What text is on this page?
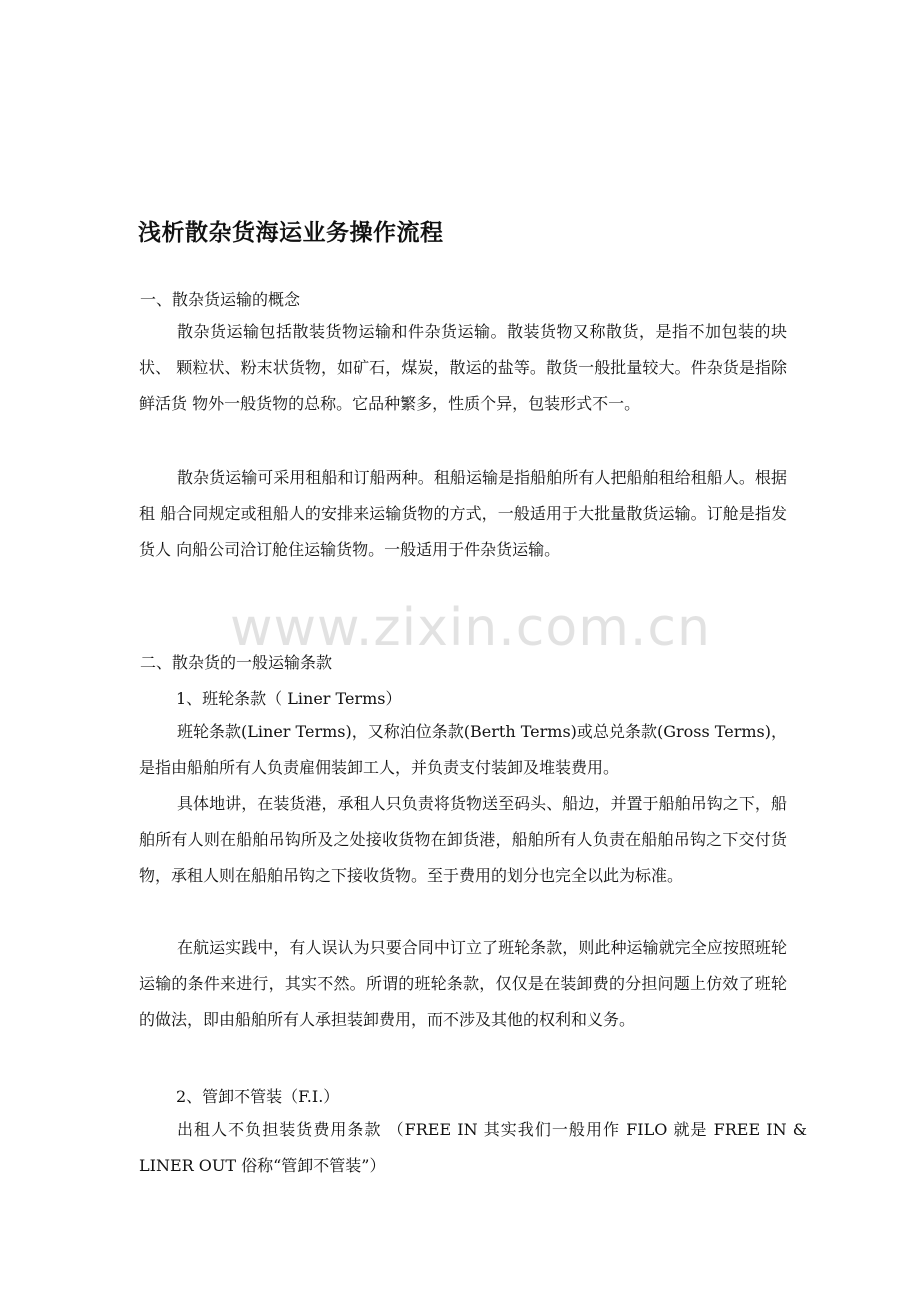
www.zixin.com.cn
浅析散杂货海运业务操作流程
一、散杂货运输的概念

散杂货运输包括散装货物运输和件杂货运输。散装货物又称散货，是指不加包装的块状、 颗粒状、粉末状货物，如矿石，煤炭，散运的盐等。散货一般批量较大。件杂货是指除鲜活货 物外一般货物的总称。它品种繁多，性质个异，包装形式不一。

散杂货运输可采用租船和订船两种。租船运输是指船舶所有人把船舶租给租船人。根据租 船合同规定或租船人的安排来运输货物的方式，一般适用于大批量散货运输。订舱是指发货人 向船公司洽订舱住运输货物。一般适用于件杂货运输。

二、散杂货的一般运输条款
1、班轮条款（ Liner Terms）

班轮条款(Liner Terms)，又称泊位条款(Berth Terms)或总兑条款(Gross Terms)，是指由船舶所有人负责雇佣装卸工人，并负责支付装卸及堆装费用。

具体地讲，在装货港，承租人只负责将货物送至码头、船边，并置于船舶吊钩之下，船舶所有人则在船舶吊钩所及之处接收货物在卸货港，船舶所有人负责在船舶吊钩之下交付货物，承租人则在船舶吊钩之下接收货物。至于费用的划分也完全以此为标准。

在航运实践中，有人误认为只要合同中订立了班轮条款，则此种运输就完全应按照班轮运输的条件来进行，其实不然。所谓的班轮条款，仅仅是在装卸费的分担问题上仿效了班轮的做法，即由船舶所有人承担装卸费用，而不涉及其他的权利和义务。

2、管卸不管装（F.I.）

出租人不负担装货费用条款 （FREE IN 其实我们一般用作 FILO 就是 FREE IN & LINER OUT 俗称“管卸不管装”）
